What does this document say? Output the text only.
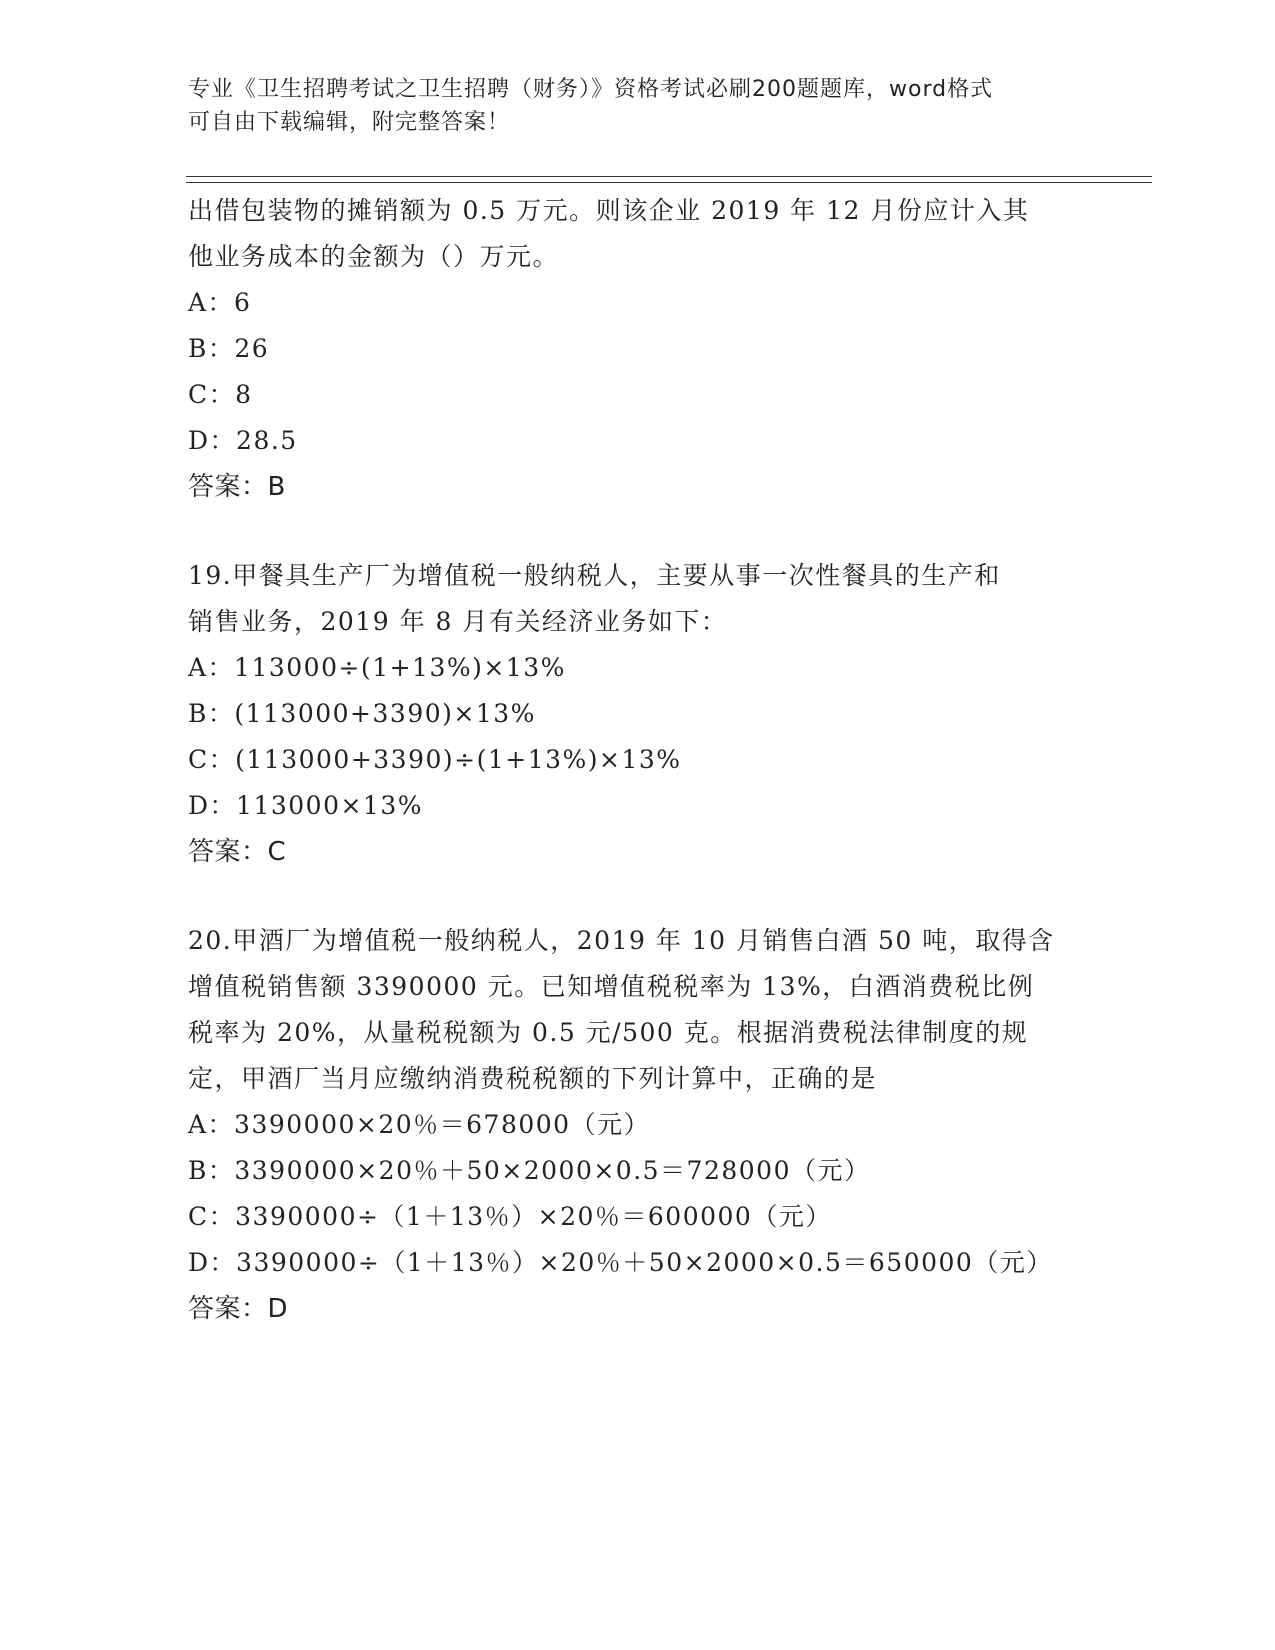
专业《卫生招聘考试之卫生招聘（财务）》资格考试必刷200题题库，word格式
可自由下载编辑，附完整答案！
出借包装物的摊销额为 0.5 万元。则该企业 2019 年 12 月份应计入其
他业务成本的金额为（）万元。
A：6
B：26
C：8
D：28.5
答案：B
19.甲餐具生产厂为增值税一般纳税人，主要从事一次性餐具的生产和
销售业务，2019 年 8 月有关经济业务如下：
A：113000÷(1+13%)×13%
B：(113000+3390)×13%
C：(113000+3390)÷(1+13%)×13%
D：113000×13%
答案：C
20.甲酒厂为增值税一般纳税人，2019 年 10 月销售白酒 50 吨，取得含
增值税销售额 3390000 元。已知增值税税率为 13%，白酒消费税比例
税率为 20%，从量税税额为 0.5 元/500 克。根据消费税法律制度的规
定，甲酒厂当月应缴纳消费税税额的下列计算中，正确的是
A：3390000×20％＝678000（元）
B：3390000×20％＋50×2000×0.5＝728000（元）
C：3390000÷（1＋13％）×20％＝600000（元）
D：3390000÷（1＋13％）×20％＋50×2000×0.5＝650000（元）
答案：D
